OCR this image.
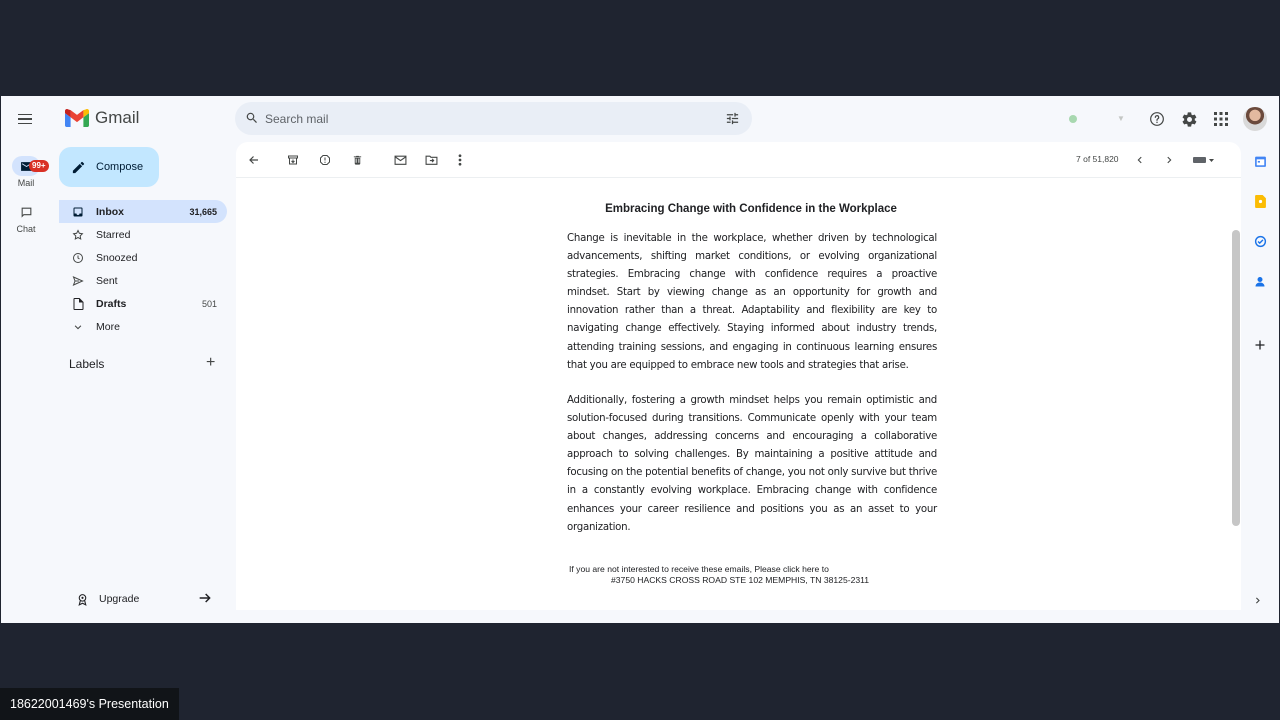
Gmail
Search mail	▼
99+
Mail
Chat
Compose
Inbox	31,665
Starred
Snoozed
Sent
Drafts	501
More
Labels	+
Upgrade
7 of 51,820
Embracing Change with Confidence in the Workplace

Change is inevitable in the workplace, whether driven by technological advancements, shifting market conditions, or evolving organizational strategies. Embracing change with confidence requires a proactive mindset. Start by viewing change as an opportunity for growth and innovation rather than a threat. Adaptability and flexibility are key to navigating change effectively. Staying informed about industry trends, attending training sessions, and engaging in continuous learning ensures that you are equipped to embrace new tools and strategies that arise.

Additionally, fostering a growth mindset helps you remain optimistic and solution-focused during transitions. Communicate openly with your team about changes, addressing concerns and encouraging a collaborative approach to solving challenges. By maintaining a positive attitude and focusing on the potential benefits of change, you not only survive but thrive in a constantly evolving workplace. Embracing change with confidence enhances your career resilience and positions you as an asset to your organization.

If you are not interested to receive these emails, Please click here to
#3750 HACKS CROSS ROAD STE 102 MEMPHIS, TN 38125-2311
18622001469's Presentation
